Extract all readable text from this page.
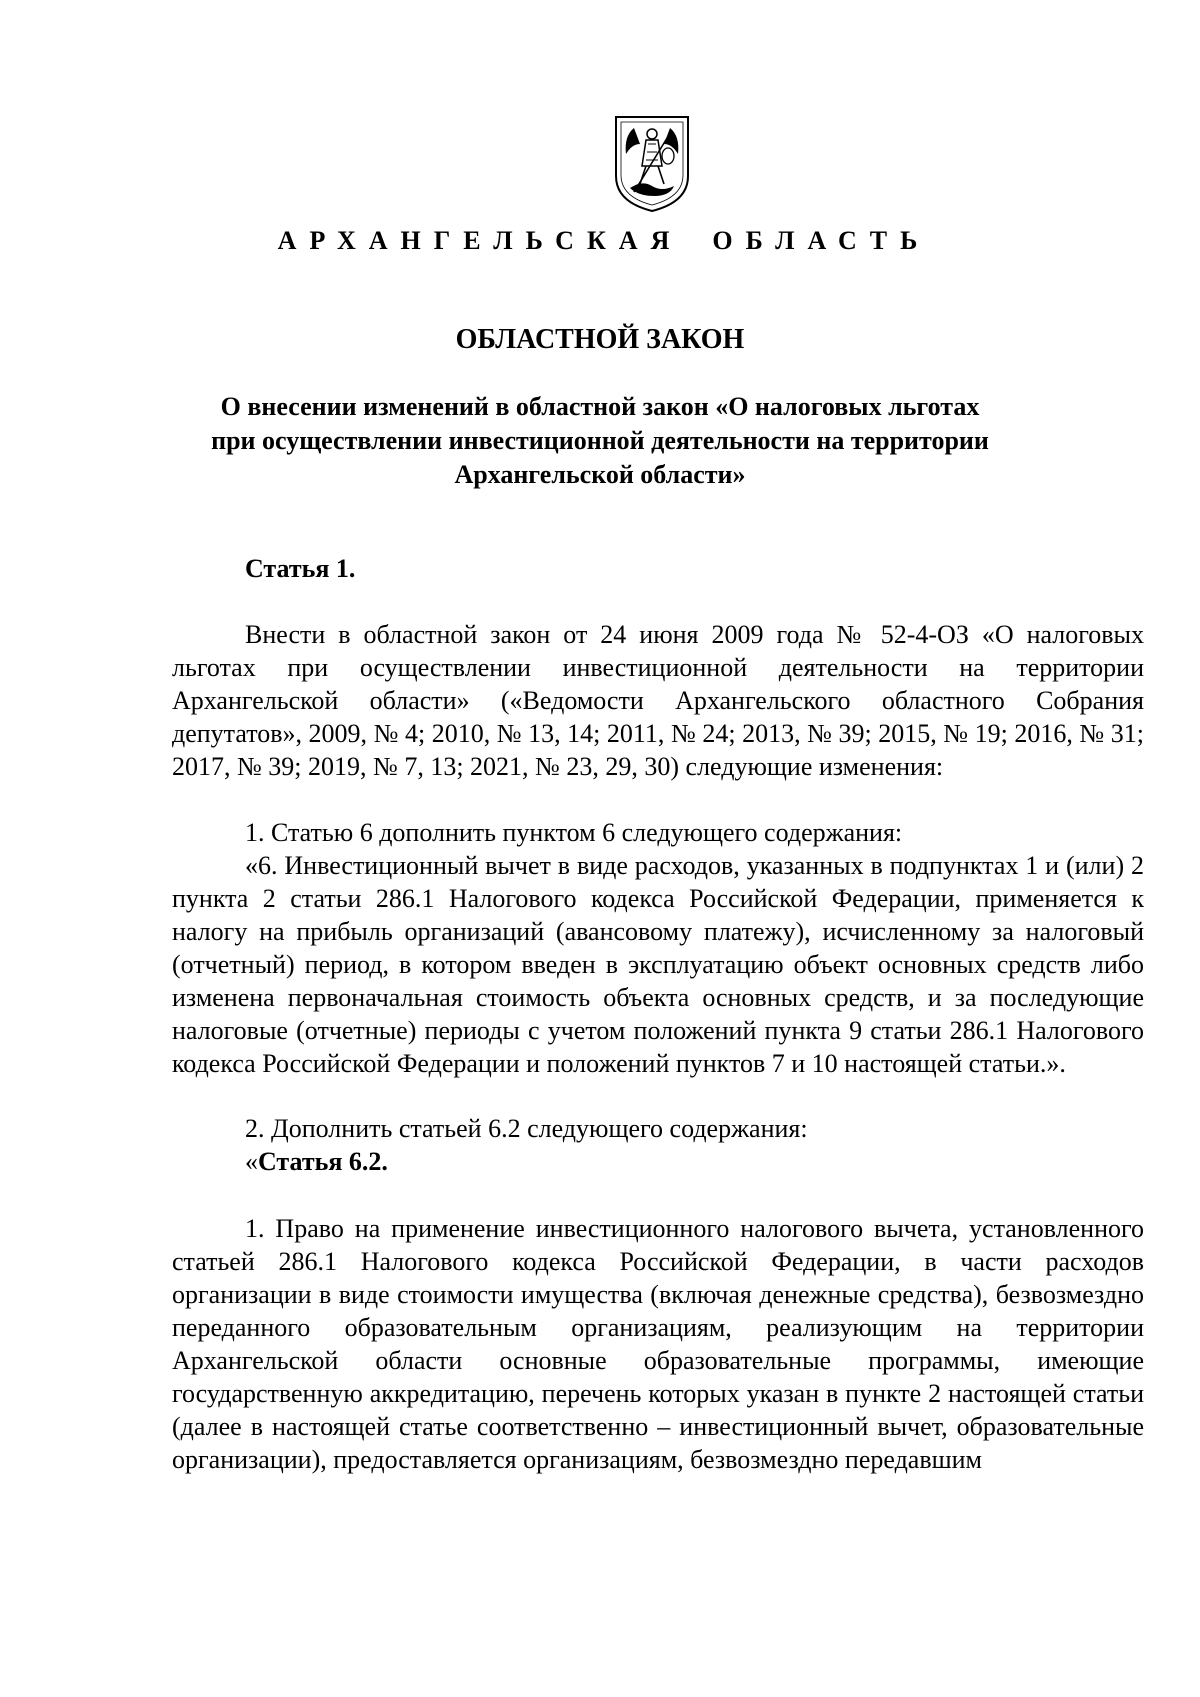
АРХАНГЕЛЬСКАЯ ОБЛАСТЬ
ОБЛАСТНОЙ ЗАКОН
О внесении изменений в областной закон «О налоговых льготах
при осуществлении инвестиционной деятельности на территории
Архангельской области»
Статья 1.

Внести в областной закон от 24 июня 2009 года № 52-4-ОЗ «О налоговых льготах при осуществлении инвестиционной деятельности на территории Архангельской области» («Ведомости Архангельского областного Собрания депутатов», 2009, № 4; 2010, № 13, 14; 2011, № 24; 2013, № 39; 2015, № 19; 2016, № 31; 2017, № 39; 2019, № 7, 13; 2021, № 23, 29, 30) следующие изменения:

1. Статью 6 дополнить пунктом 6 следующего содержания:

«6. Инвестиционный вычет в виде расходов, указанных в подпунктах 1 и (или) 2 пункта 2 статьи 286.1 Налогового кодекса Российской Федерации, применяется к налогу на прибыль организаций (авансовому платежу), исчисленному за налоговый (отчетный) период, в котором введен в эксплуатацию объект основных средств либо изменена первоначальная стоимость объекта основных средств, и за последующие налоговые (отчетные) периоды с учетом положений пункта 9 статьи 286.1 Налогового кодекса Российской Федерации и положений пунктов 7 и 10 настоящей статьи.».

2. Дополнить статьей 6.2 следующего содержания:

«Статья 6.2.

1. Право на применение инвестиционного налогового вычета, установленного статьей 286.1 Налогового кодекса Российской Федерации, в части расходов организации в виде стоимости имущества (включая денежные средства), безвозмездно переданного образовательным организациям, реализующим на территории Архангельской области основные образовательные программы, имеющие государственную аккредитацию, перечень которых указан в пункте 2 настоящей статьи (далее в настоящей статье соответственно – инвестиционный вычет, образовательные организации), предоставляется организациям, безвозмездно передавшим
